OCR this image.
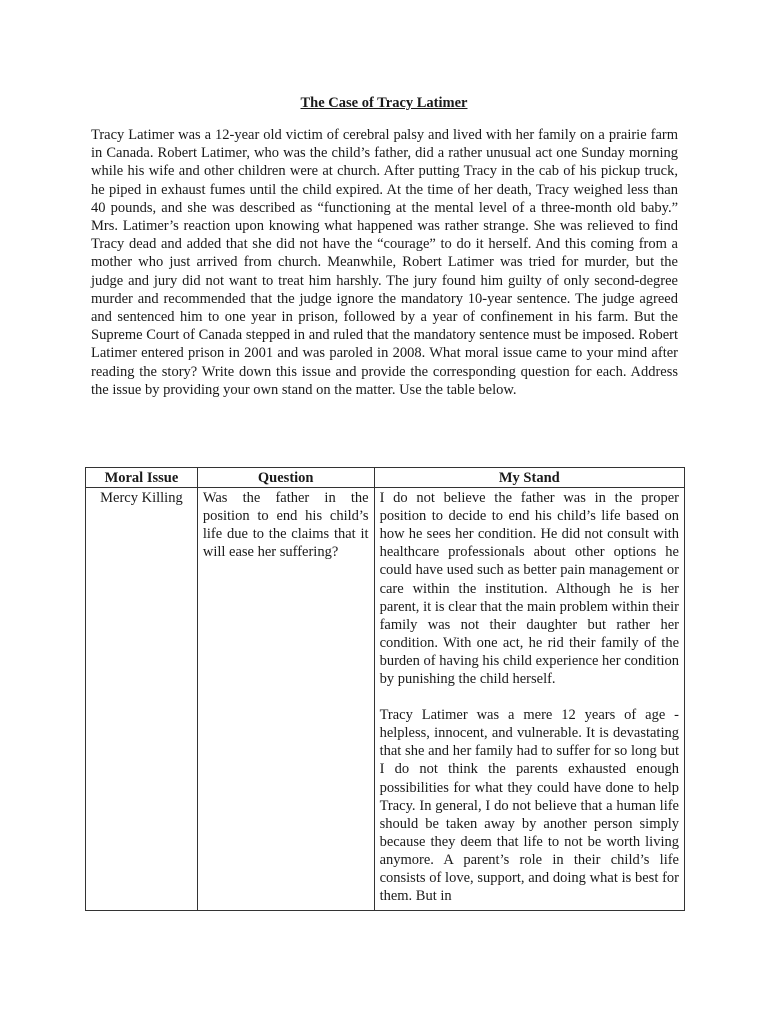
The Case of Tracy Latimer

Tracy Latimer was a 12-year old victim of cerebral palsy and lived with her family on a prairie farm in Canada. Robert Latimer, who was the child’s father, did a rather unusual act one Sunday morning while his wife and other children were at church. After putting Tracy in the cab of his pickup truck, he piped in exhaust fumes until the child expired. At the time of her death, Tracy weighed less than 40 pounds, and she was described as “functioning at the mental level of a three-month old baby.” Mrs. Latimer’s reaction upon knowing what happened was rather strange. She was relieved to find Tracy dead and added that she did not have the “courage” to do it herself. And this coming from a mother who just arrived from church. Meanwhile, Robert Latimer was tried for murder, but the judge and jury did not want to treat him harshly. The jury found him guilty of only second-degree murder and recommended that the judge ignore the mandatory 10-year sentence. The judge agreed and sentenced him to one year in prison, followed by a year of confinement in his farm. But the Supreme Court of Canada stepped in and ruled that the mandatory sentence must be imposed. Robert Latimer entered prison in 2001 and was paroled in 2008. What moral issue came to your mind after reading the story? Write down this issue and provide the corresponding question for each. Address the issue by providing your own stand on the matter. Use the table below.

Moral Issue	Question	My Stand
Mercy Killing	Was the father in the position to end his child’s life due to the claims that it will ease her suffering?	I do not believe the father was in the proper position to decide to end his child’s life based on how he sees her condition. He did not consult with healthcare professionals about other options he could have used such as better pain management or care within the institution. Although he is her parent, it is clear that the main problem within their family was not their daughter but rather her condition. With one act, he rid their family of the burden of having his child experience her condition by punishing the child herself.

Tracy Latimer was a mere 12 years of age - helpless, innocent, and vulnerable. It is devastating that she and her family had to suffer for so long but I do not think the parents exhausted enough possibilities for what they could have done to help Tracy. In general, I do not believe that a human life should be taken away by another person simply because they deem that life to not be worth living anymore. A parent’s role in their child’s life consists of love, support, and doing what is best for them. But in
